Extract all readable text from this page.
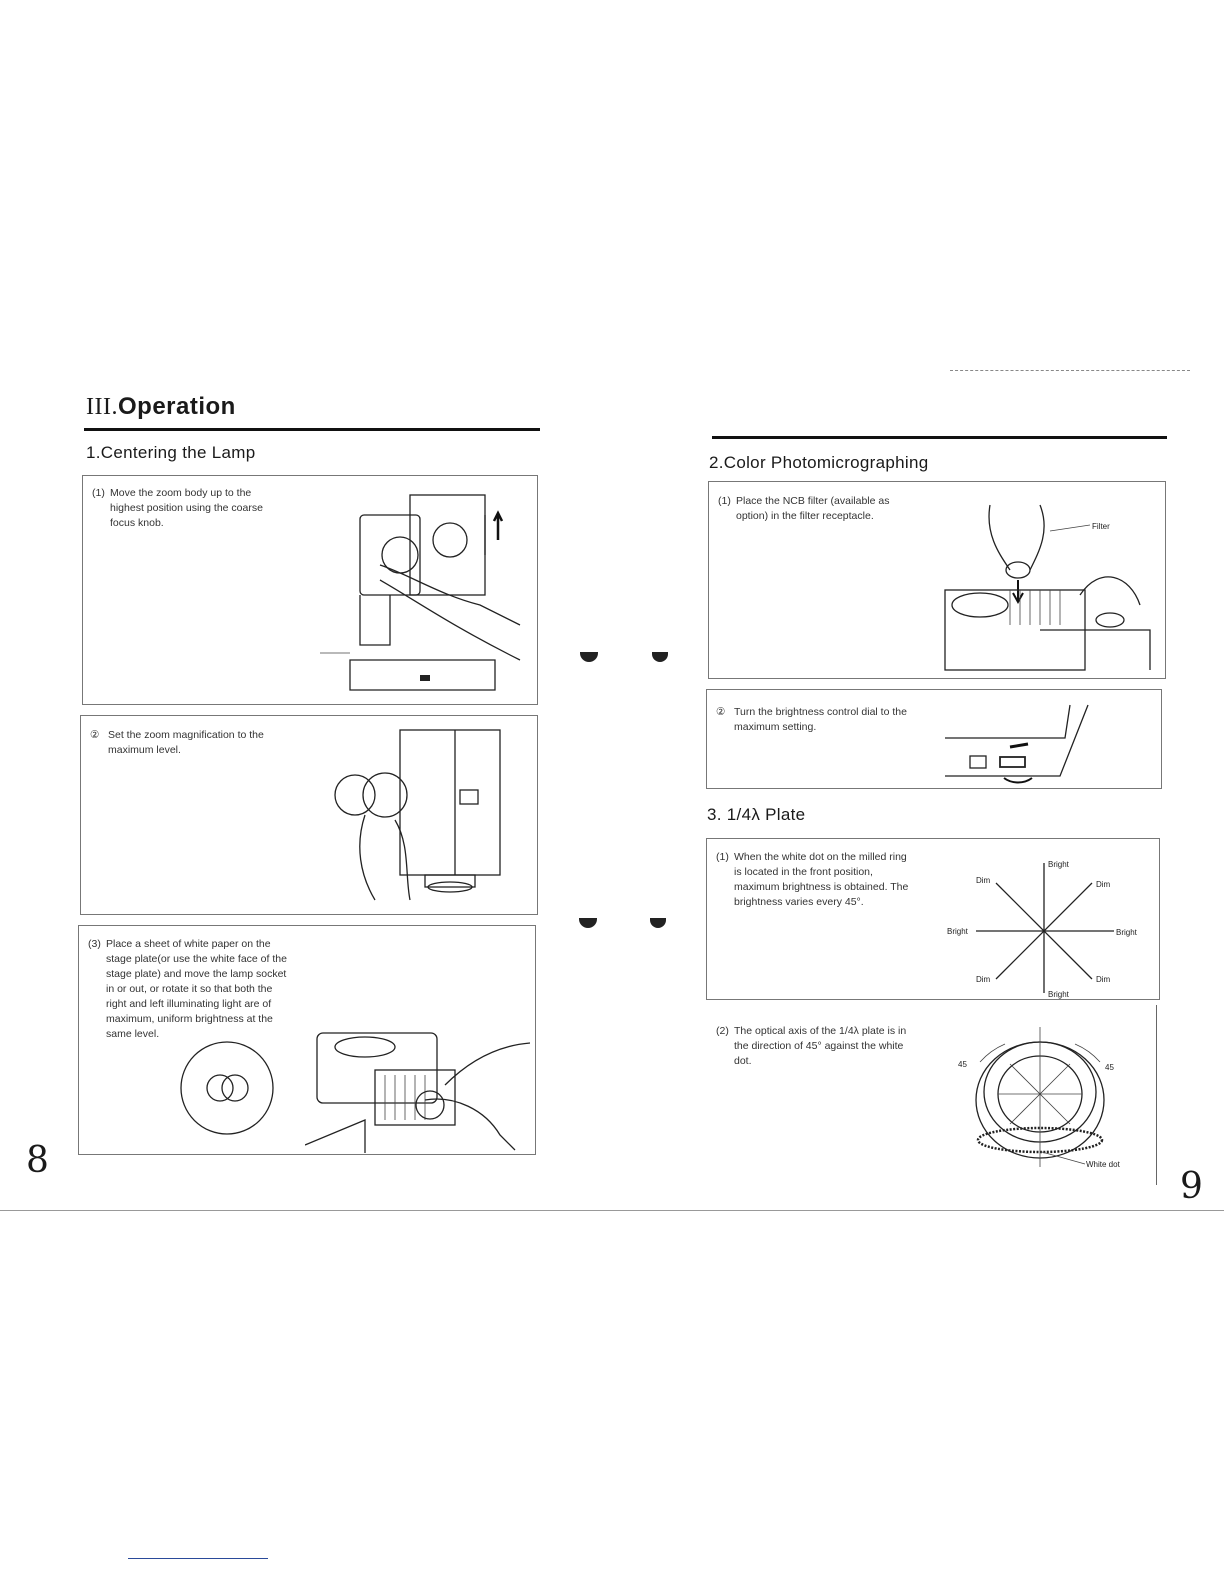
III.Operation
1.Centering the Lamp
(1) Move the zoom body up to the
highest position using the coarse
focus knob.
② Set the zoom magnification to the
maximum level.
(3) Place a sheet of white paper on the
stage plate(or use the white face of the
stage plate) and move the lamp socket
in or out, or rotate it so that both the
right and left illuminating light are of
maximum, uniform brightness at the
same level.
8
2.Color Photomicrographing
(1) Place the NCB filter (available as
option) in the filter receptacle.
Filter
② Turn the brightness control dial to the
maximum setting.
3. 1/4λ Plate
(1) When the white dot on the milled ring
is located in the front position,
maximum brightness is obtained. The
brightness varies every 45°.
Bright
Bright
Bright	Bright
Dim	Dim
Dim	Dim
(2) The optical axis of the 1/4λ plate is in
the direction of 45° against the white
dot.	45	45
White dot
9
